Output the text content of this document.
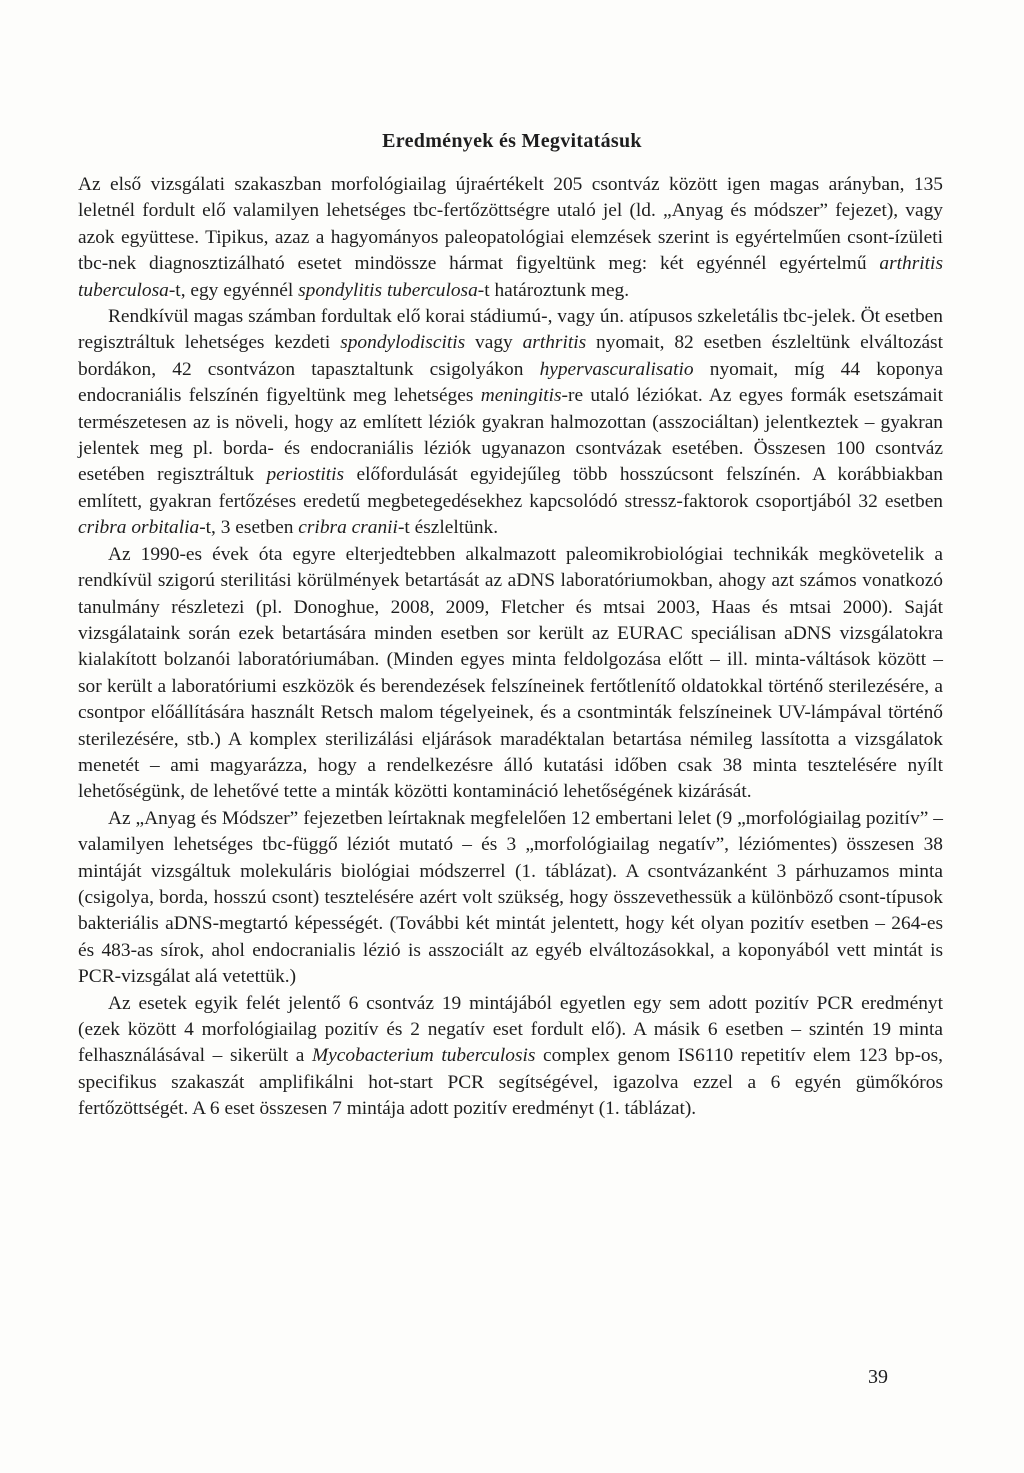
Eredmények és Megvitatásuk

Az első vizsgálati szakaszban morfológiailag újraértékelt 205 csontváz között igen magas arányban, 135 leletnél fordult elő valamilyen lehetséges tbc-fertőzöttségre utaló jel (ld. „Anyag és módszer” fejezet), vagy azok együttese. Tipikus, azaz a hagyományos paleopatológiai elemzések szerint is egyértelműen csont-ízületi tbc-nek diagnosztizálható esetet mindössze hármat figyeltünk meg: két egyénnél egyértelmű arthritis tuberculosa-t, egy egyénnél spondylitis tuberculosa-t határoztunk meg.

Rendkívül magas számban fordultak elő korai stádiumú-, vagy ún. atípusos szkeletális tbc-jelek. Öt esetben regisztráltuk lehetséges kezdeti spondylodiscitis vagy arthritis nyomait, 82 esetben észleltünk elváltozást bordákon, 42 csontvázon tapasztaltunk csigolyákon hypervascuralisatio nyomait, míg 44 koponya endocraniális felszínén figyeltünk meg lehetséges meningitis-re utaló léziókat. Az egyes formák esetszámait természetesen az is növeli, hogy az említett léziók gyakran halmozottan (asszociáltan) jelentkeztek – gyakran jelentek meg pl. borda- és endocraniális léziók ugyanazon csontvázak esetében. Összesen 100 csontváz esetében regisztráltuk periostitis előfordulását egyidejűleg több hosszúcsont felszínén. A korábbiakban említett, gyakran fertőzéses eredetű megbetegedésekhez kapcsolódó stressz-faktorok csoportjából 32 esetben cribra orbitalia-t, 3 esetben cribra cranii-t észleltünk.

Az 1990-es évek óta egyre elterjedtebben alkalmazott paleomikrobiológiai technikák megkövetelik a rendkívül szigorú sterilitási körülmények betartását az aDNS laboratóriumokban, ahogy azt számos vonatkozó tanulmány részletezi (pl. Donoghue, 2008, 2009, Fletcher és mtsai 2003, Haas és mtsai 2000). Saját vizsgálataink során ezek betartására minden esetben sor került az EURAC speciálisan aDNS vizsgálatokra kialakított bolzanói laboratóriumában. (Minden egyes minta feldolgozása előtt – ill. minta-váltások között – sor került a laboratóriumi eszközök és berendezések felszíneinek fertőtlenítő oldatokkal történő sterilezésére, a csontpor előállítására használt Retsch malom tégelyeinek, és a csontminták felszíneinek UV-lámpával történő sterilezésére, stb.) A komplex sterilizálási eljárások maradéktalan betartása némileg lassította a vizsgálatok menetét – ami magyarázza, hogy a rendelkezésre álló kutatási időben csak 38 minta tesztelésére nyílt lehetőségünk, de lehetővé tette a minták közötti kontamináció lehetőségének kizárását.

Az „Anyag és Módszer” fejezetben leírtaknak megfelelően 12 embertani lelet (9 „morfológiailag pozitív” – valamilyen lehetséges tbc-függő léziót mutató – és 3 „morfológiailag negatív”, léziómentes) összesen 38 mintáját vizsgáltuk molekuláris biológiai módszerrel (1. táblázat). A csontvázanként 3 párhuzamos minta (csigolya, borda, hosszú csont) tesztelésére azért volt szükség, hogy összevethessük a különböző csont-típusok bakteriális aDNS-megtartó képességét. (További két mintát jelentett, hogy két olyan pozitív esetben – 264-es és 483-as sírok, ahol endocranialis lézió is asszociált az egyéb elváltozásokkal, a koponyából vett mintát is PCR-vizsgálat alá vetettük.)

Az esetek egyik felét jelentő 6 csontváz 19 mintájából egyetlen egy sem adott pozitív PCR eredményt (ezek között 4 morfológiailag pozitív és 2 negatív eset fordult elő). A másik 6 esetben – szintén 19 minta felhasználásával – sikerült a Mycobacterium tuberculosis complex genom IS6110 repetitív elem 123 bp-os, specifikus szakaszát amplifikálni hot-start PCR segítségével, igazolva ezzel a 6 egyén gümőkóros fertőzöttségét. A 6 eset összesen 7 mintája adott pozitív eredményt (1. táblázat).

39
